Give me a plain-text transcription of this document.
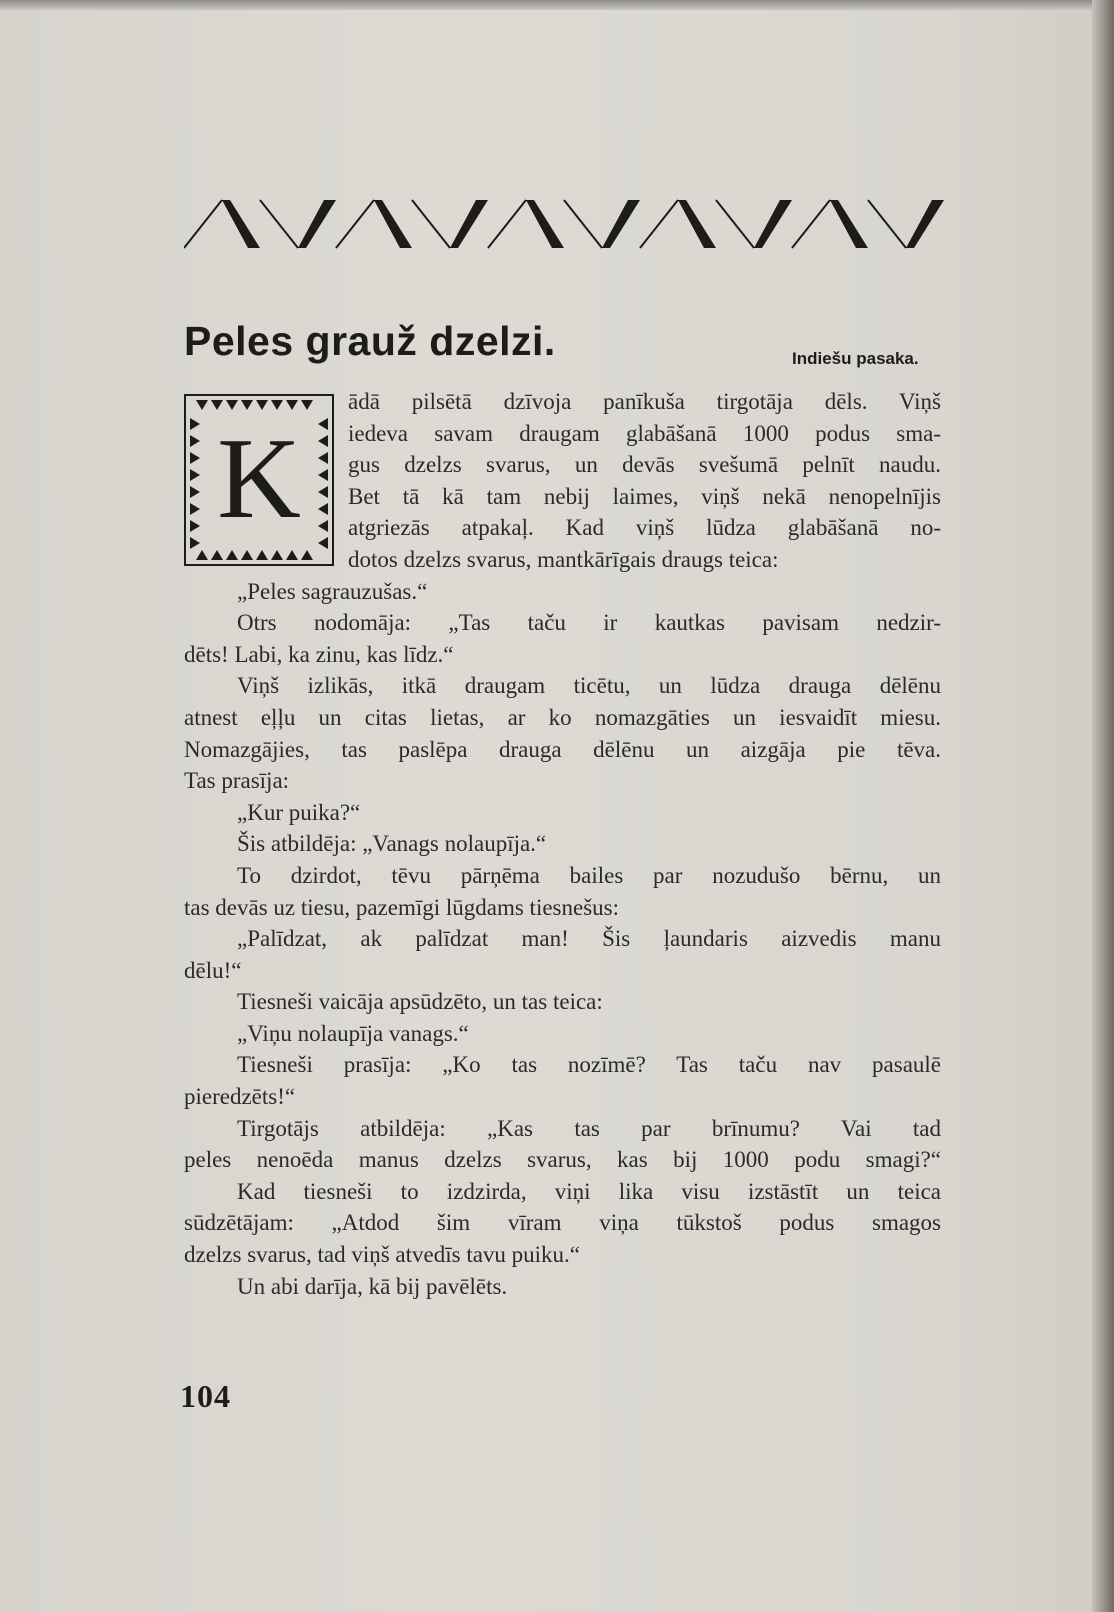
Peles grauž dzelzi.	Indiešu pasaka.
K
ādā pilsētā dzīvoja panīkuša tirgotāja dēls. Viņš
iedeva savam draugam glabāšanā 1000 podus sma-
gus dzelzs svarus, un devās svešumā pelnīt naudu.
Bet tā kā tam nebij laimes, viņš nekā nenopelnījis
atgriezās atpakaļ. Kad viņš lūdza glabāšanā no-
dotos dzelzs svarus, mantkārīgais draugs teica:
„Peles sagrauzušas.“
Otrs nodomāja: „Tas taču ir kautkas pavisam nedzir-
dēts! Labi, ka zinu, kas līdz.“
Viņš izlikās, itkā draugam ticētu, un lūdza drauga dēlēnu
atnest eļļu un citas lietas, ar ko nomazgāties un iesvaidīt miesu.
Nomazgājies, tas paslēpa drauga dēlēnu un aizgāja pie tēva.
Tas prasīja:
„Kur puika?“
Šis atbildēja: „Vanags nolaupīja.“
To dzirdot, tēvu pārņēma bailes par nozudušo bērnu, un
tas devās uz tiesu, pazemīgi lūgdams tiesnešus:
„Palīdzat, ak palīdzat man! Šis ļaundaris aizvedis manu
dēlu!“
Tiesneši vaicāja apsūdzēto, un tas teica:
„Viņu nolaupīja vanags.“
Tiesneši prasīja: „Ko tas nozīmē? Tas taču nav pasaulē
pieredzēts!“
Tirgotājs atbildēja: „Kas tas par brīnumu? Vai tad
peles nenoēda manus dzelzs svarus, kas bij 1000 podu smagi?“
Kad tiesneši to izdzirda, viņi lika visu izstāstīt un teica
sūdzētājam: „Atdod šim vīram viņa tūkstoš podus smagos
dzelzs svarus, tad viņš atvedīs tavu puiku.“
Un abi darīja, kā bij pavēlēts.
104
